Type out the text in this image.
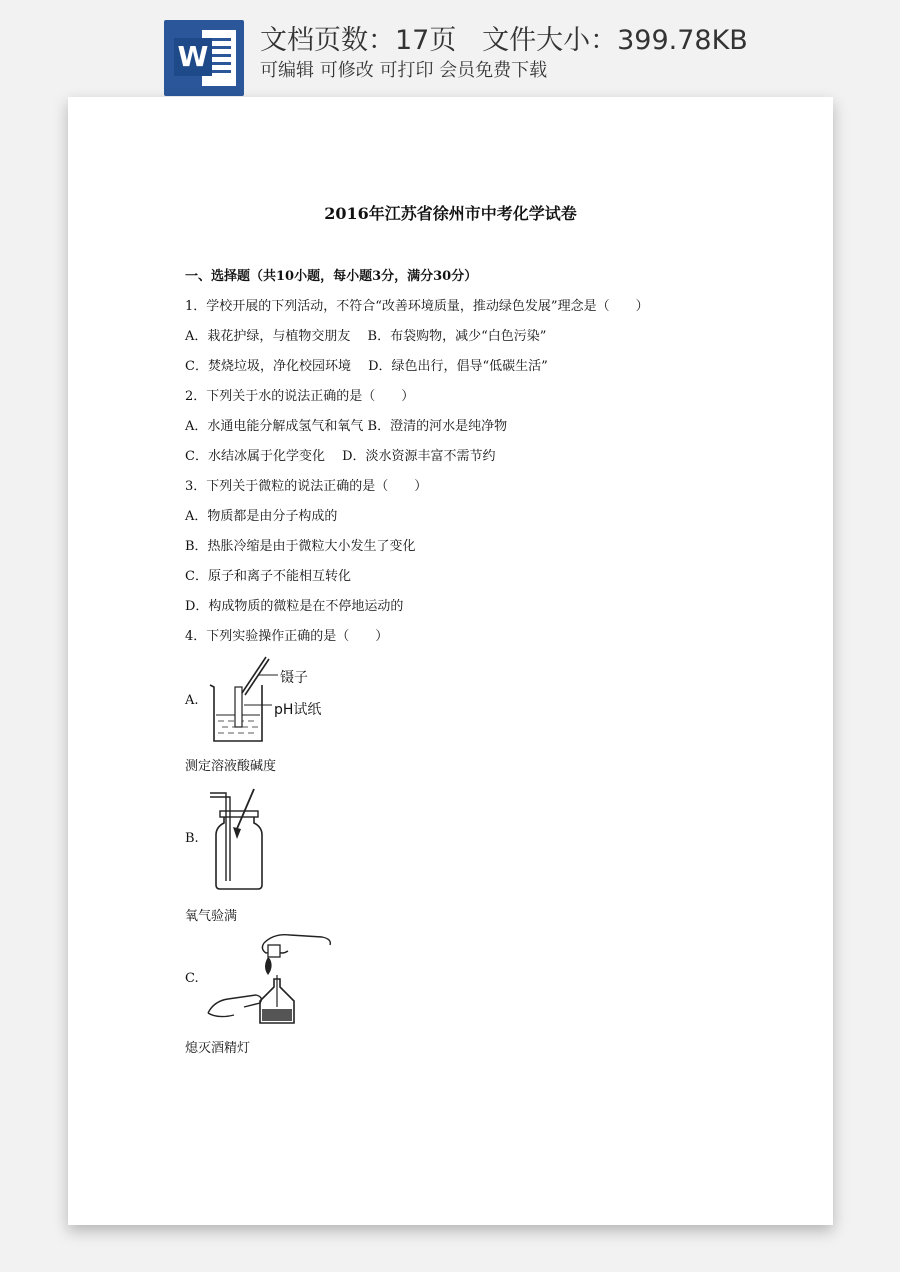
W 文档页数：17页   文件大小：399.78KB
可编辑 可修改 可打印 会员免费下载
2016年江苏省徐州市中考化学试卷
一、选择题（共10小题，每小题3分，满分30分）
1．学校开展的下列活动，不符合“改善环境质量，推动绿色发展”理念是（　　）
A．栽花护绿，与植物交朋友　 B．布袋购物，减少“白色污染”
C．焚烧垃圾，净化校园环境　 D．绿色出行，倡导“低碳生活”
2．下列关于水的说法正确的是（　　）
A．水通电能分解成氢气和氧气 B．澄清的河水是纯净物
C．水结冰属于化学变化　 D．淡水资源丰富不需节约
3．下列关于微粒的说法正确的是（　　）
A．物质都是由分子构成的
B．热胀冷缩是由于微粒大小发生了变化
C．原子和离子不能相互转化
D．构成物质的微粒是在不停地运动的
4．下列实验操作正确的是（　　）
A.
镊子
pH试纸
测定溶液酸碱度
B.
氧气验满
C.
熄灭酒精灯
